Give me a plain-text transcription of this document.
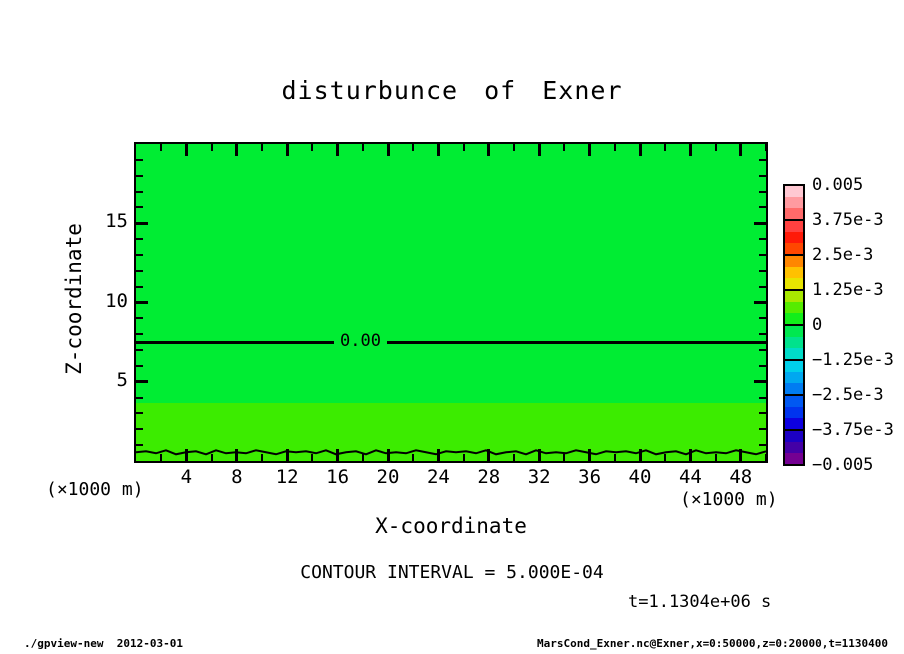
disturbunce of Exner
0.00
Z-coordinate
4	8	12	16	20	24	28	32	36	40	44	48
(×1000 m)	(×1000 m)
X-coordinate
CONTOUR INTERVAL = 5.000E-04
t=1.1304e+06 s
0.005
3.75e-3
2.5e-3
1.25e-3
0
−1.25e-3
−2.5e-3
−3.75e-3
−0.005
./gpview-new  2012-03-01	MarsCond_Exner.nc@Exner,x=0:50000,z=0:20000,t=1130400
5
10
15
